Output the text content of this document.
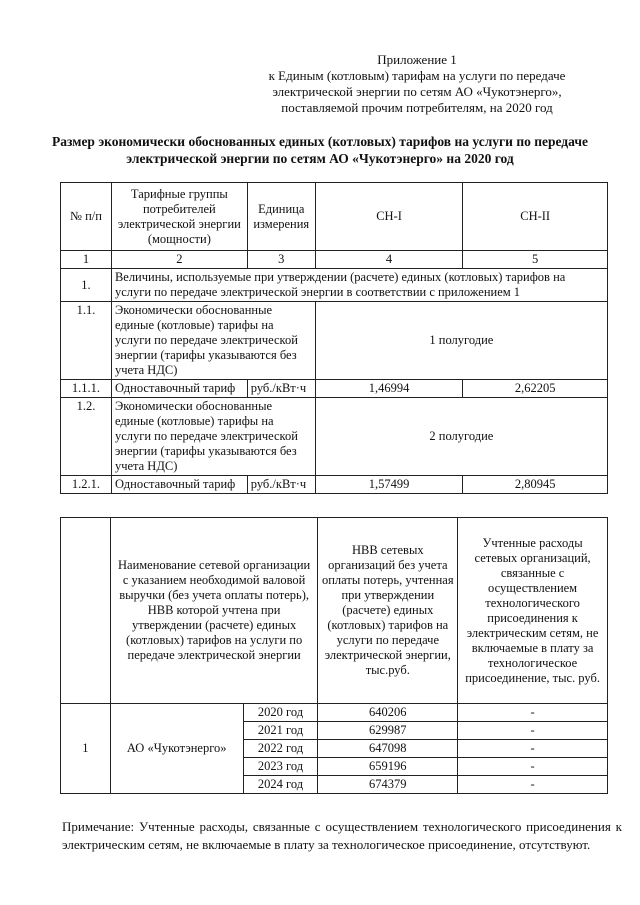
Приложение 1
к Единым (котловым) тарифам на услуги по передаче
электрической энергии по сетям АО «Чукотэнерго»,
поставляемой прочим потребителям, на 2020 год
Размер экономически обоснованных единых (котловых) тарифов на услуги по передаче
электрической энергии по сетям АО «Чукотэнерго» на 2020 год
№ п/п	Тарифные группы потребителей электрической энергии (мощности)	Единица измерения	СН-I	СН-II
1	2	3	4	5
1.	Величины, используемые при утверждении (расчете) единых (котловых) тарифов на услуги по передаче электрической энергии в соответствии с приложением 1			
1.1.	Экономически обоснованные единые (котловые) тарифы на услуги по передаче электрической энергии (тарифы указываются без учета НДС)		1 полугодие	
1.1.1.	Одноставочный тариф	руб./кВт·ч	1,46994	2,62205
1.2.	Экономически обоснованные единые (котловые) тарифы на услуги по передаче электрической энергии (тарифы указываются без учета НДС)		2 полугодие	
1.2.1.	Одноставочный тариф	руб./кВт·ч	1,57499	2,80945
	Наименование сетевой организации с указанием необходимой валовой выручки (без учета оплаты потерь), НВВ которой учтена при утверждении (расчете) единых (котловых) тарифов на услуги по передаче электрической энергии		НВВ сетевых организаций без учета оплаты потерь, учтенная при утверждении (расчете) единых (котловых) тарифов на услуги по передаче электрической энергии, тыс.руб.	Учтенные расходы сетевых организаций, связанные с осуществлением технологического присоединения к электрическим сетям, не включаемые в плату за технологическое присоединение, тыс. руб.
1	АО «Чукотэнерго»	2020 год	640206	-
		2021 год	629987	-
		2022 год	647098	-
		2023 год	659196	-
		2024 год	674379	-
Примечание: Учтенные расходы, связанные с осуществлением технологического присоединения к электрическим сетям, не включаемые в плату за технологическое присоединение, отсутствуют.
